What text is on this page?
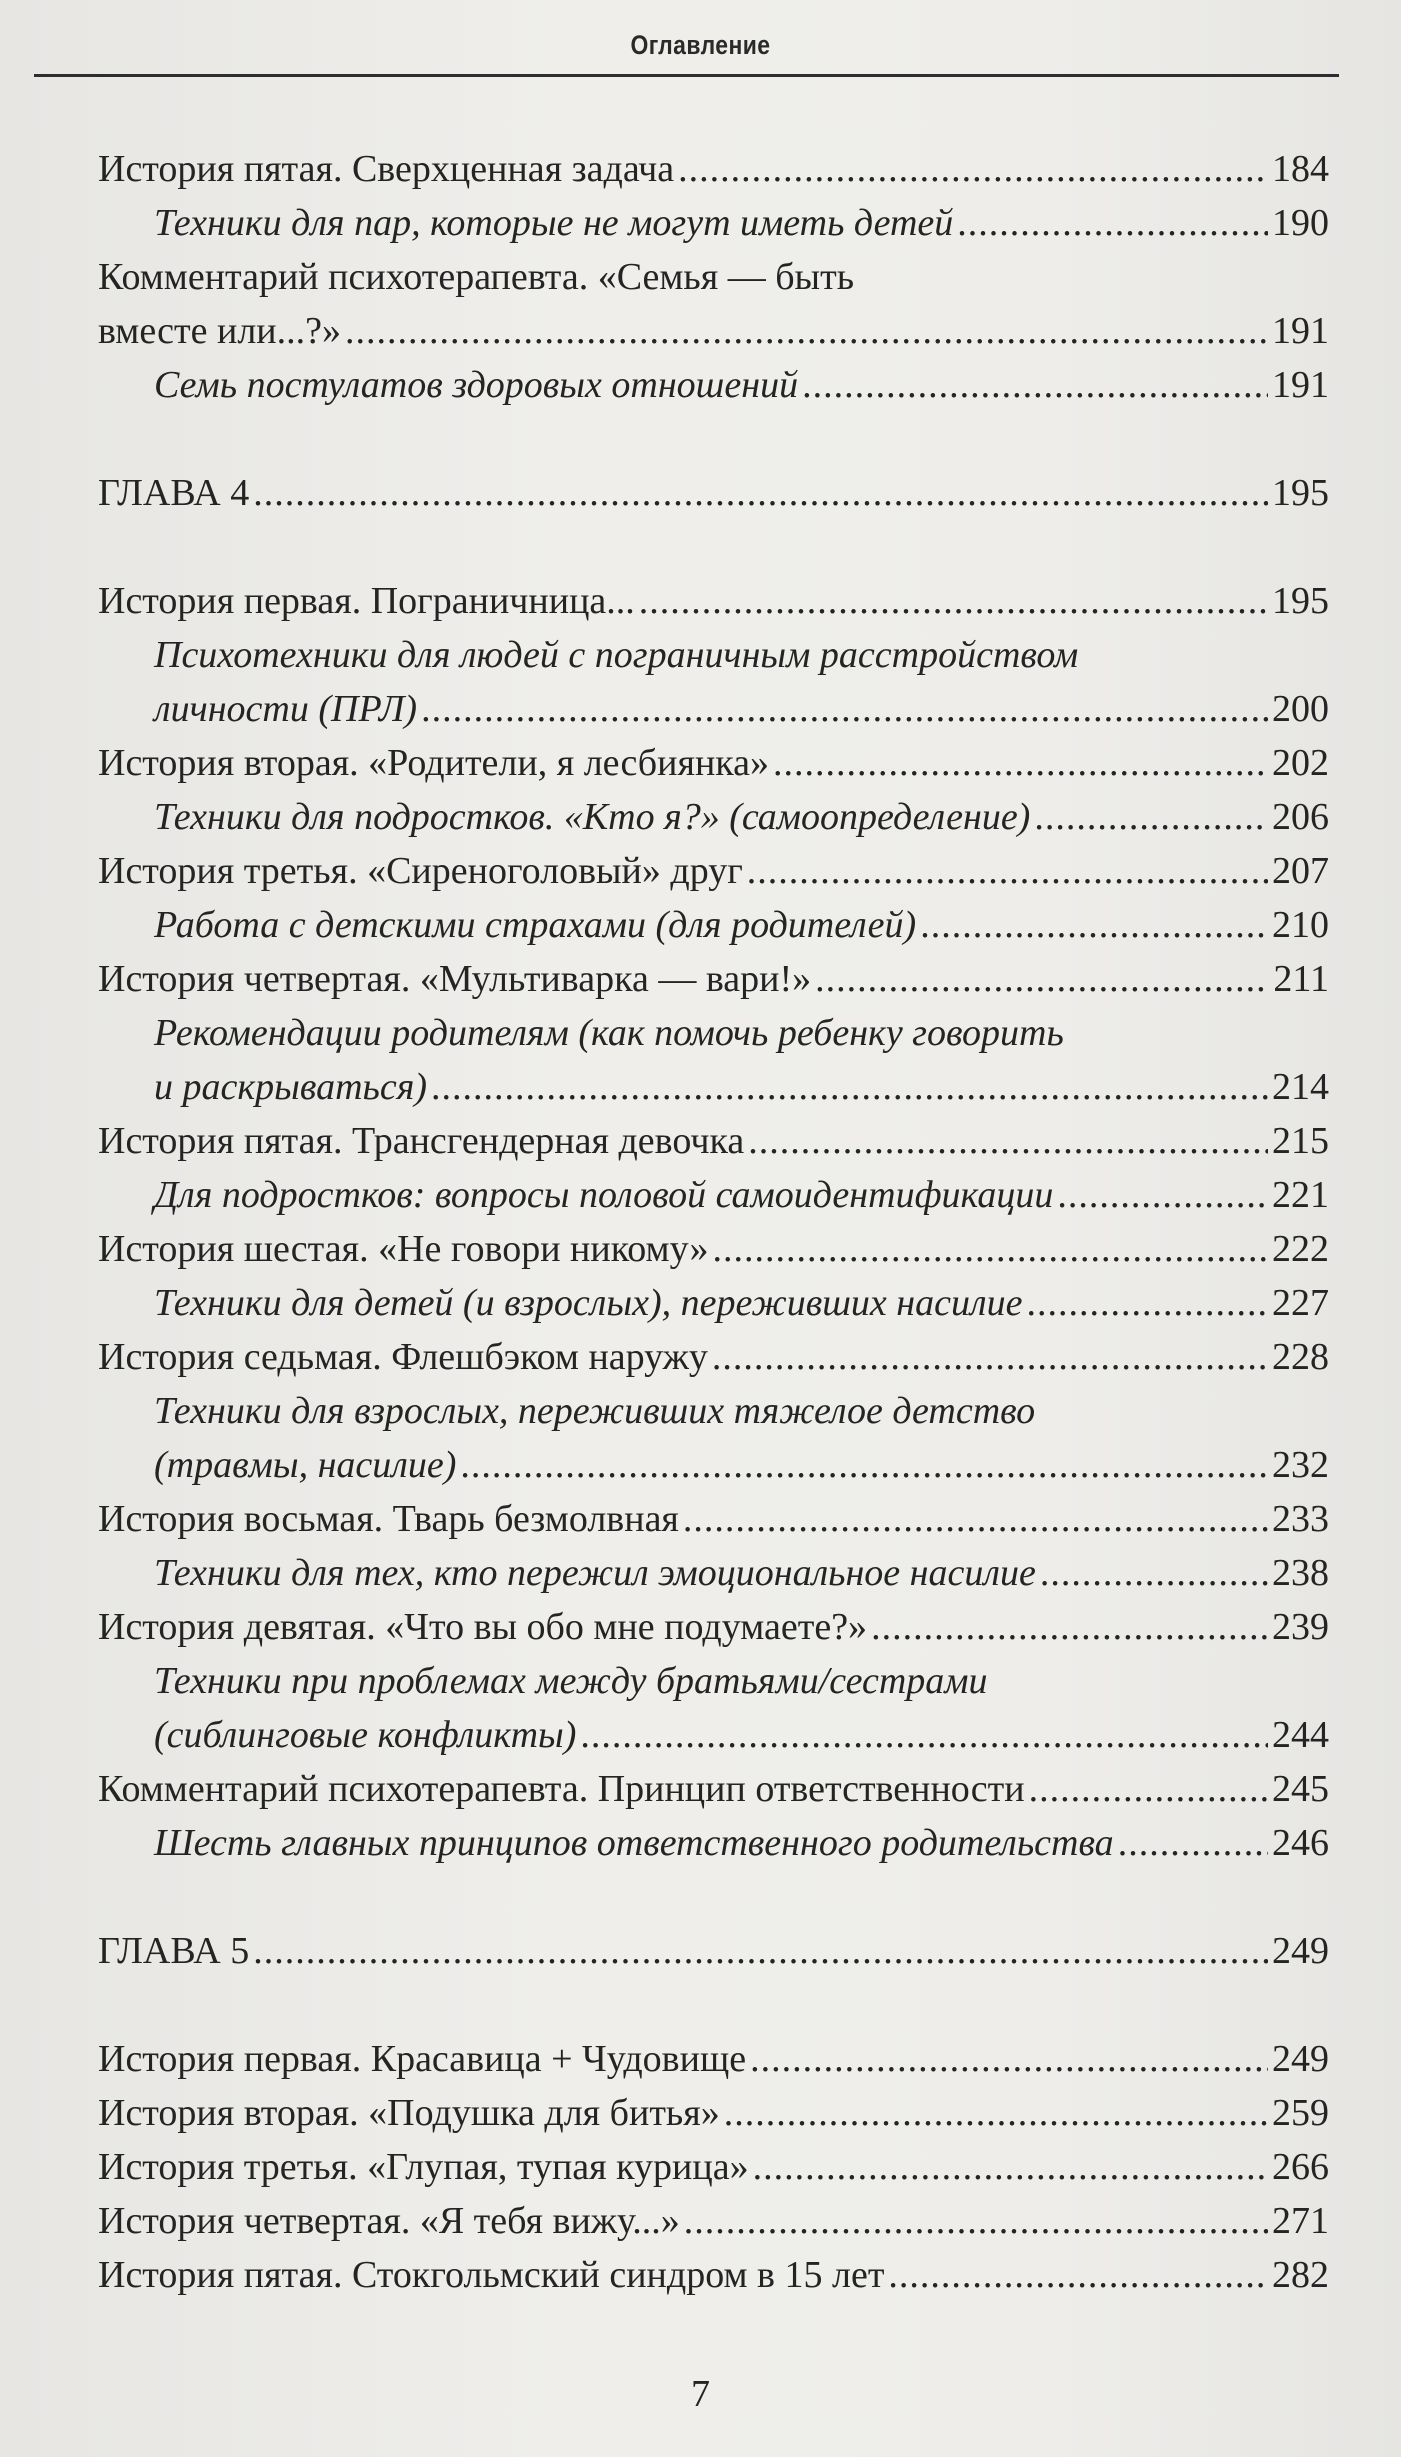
Оглавление
История пятая. Сверхценная задача .....	184
Техники для пар, которые не могут иметь детей .....	190
Комментарий психотерапевта. «Семья — быть
вместе или...?» .....	191
Семь постулатов здоровых отношений .....	191
ГЛАВА 4 .....	195
История первая. Пограничница... .....	195
Психотехники для людей с пограничным расстройством
личности (ПРЛ) .....	200
История вторая. «Родители, я лесбиянка» .....	202
Техники для подростков. «Кто я?» (самоопределение) .....	206
История третья. «Сиреноголовый» друг .....	207
Работа с детскими страхами (для родителей) .....	210
История четвертая. «Мультиварка — вари!» .....	211
Рекомендации родителям (как помочь ребенку говорить
и раскрываться) .....	214
История пятая. Трансгендерная девочка .....	215
Для подростков: вопросы половой самоидентификации .....	221
История шестая. «Не говори никому» .....	222
Техники для детей (и взрослых), переживших насилие .....	227
История седьмая. Флешбэком наружу .....	228
Техники для взрослых, переживших тяжелое детство
(травмы, насилие) .....	232
История восьмая. Тварь безмолвная .....	233
Техники для тех, кто пережил эмоциональное насилие .....	238
История девятая. «Что вы обо мне подумаете?» .....	239
Техники при проблемах между братьями/сестрами
(сиблинговые конфликты) .....	244
Комментарий психотерапевта. Принцип ответственности .....	245
Шесть главных принципов ответственного родительства .....	246
ГЛАВА 5 .....	249
История первая. Красавица + Чудовище .....	249
История вторая. «Подушка для битья» .....	259
История третья. «Глупая, тупая курица» .....	266
История четвертая. «Я тебя вижу...» .....	271
История пятая. Стокгольмский синдром в 15 лет .....	282
7
